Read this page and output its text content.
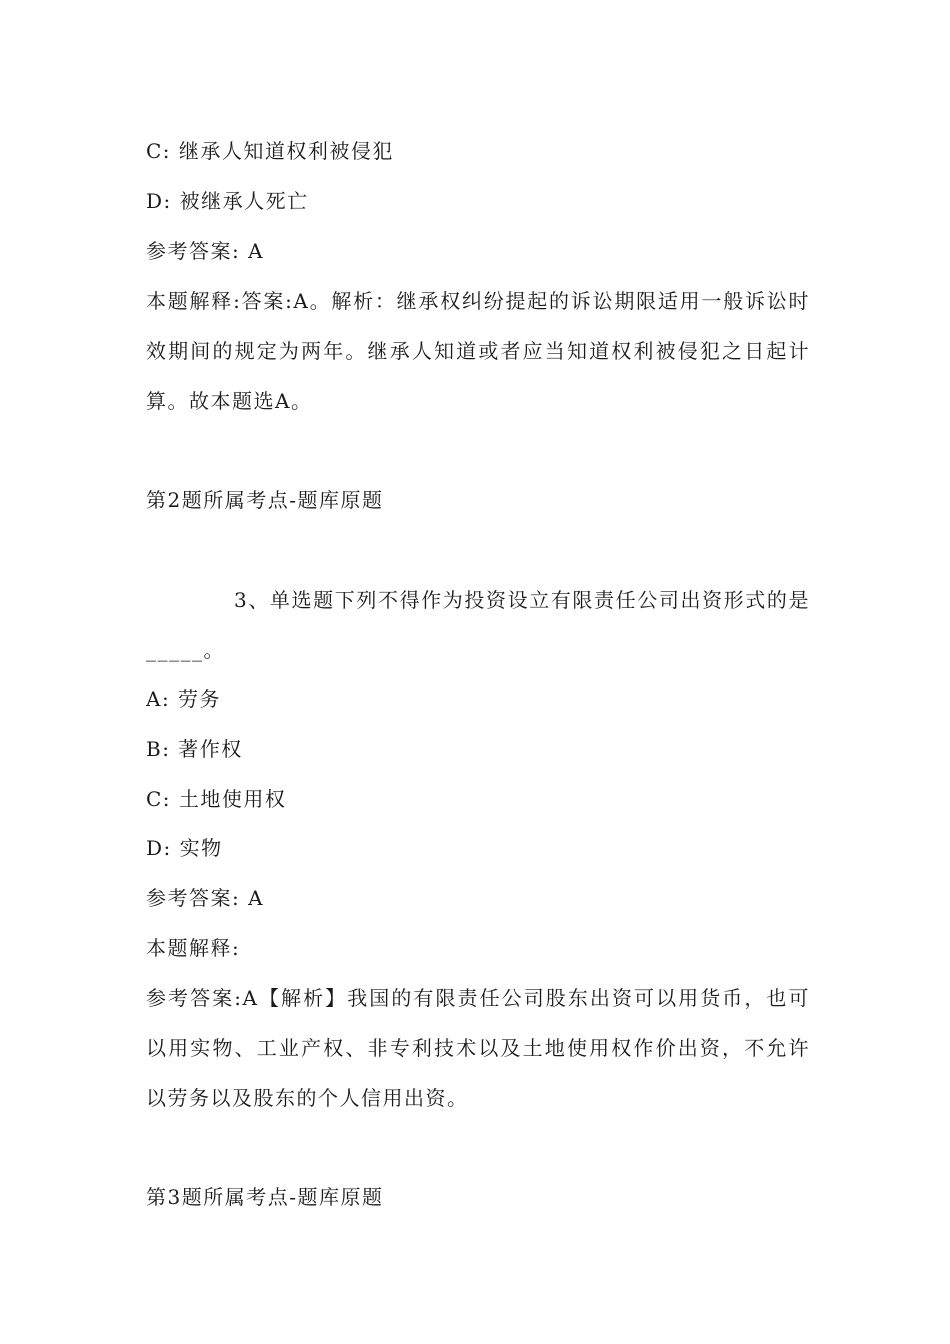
C: 继承人知道权利被侵犯
D: 被继承人死亡
参考答案: A
本题解释:答案:A。解析：继承权纠纷提起的诉讼期限适用一般诉讼时效期间的规定为两年。继承人知道或者应当知道权利被侵犯之日起计算。故本题选A。
第2题所属考点-题库原题
3、单选题下列不得作为投资设立有限责任公司出资形式的是_____。
A: 劳务
B: 著作权
C: 土地使用权
D: 实物
参考答案: A
本题解释:
参考答案:A【解析】我国的有限责任公司股东出资可以用货币，也可以用实物、工业产权、非专利技术以及土地使用权作价出资，不允许以劳务以及股东的个人信用出资。
第3题所属考点-题库原题
